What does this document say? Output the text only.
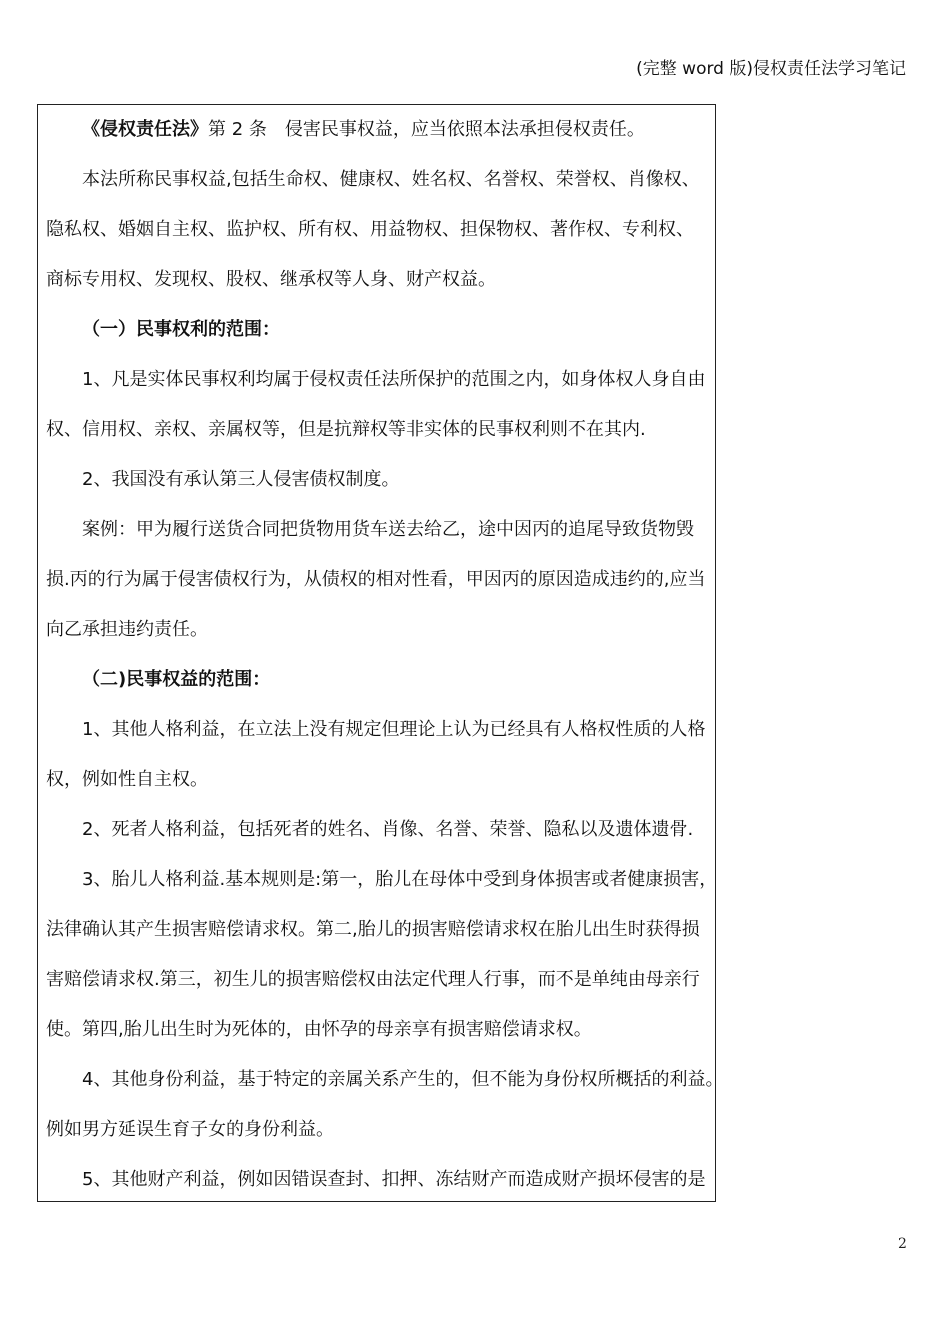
(完整 word 版)侵权责任法学习笔记

《侵权责任法》第 2 条　侵害民事权益，应当依照本法承担侵权责任。

本法所称民事权益,包括生命权、健康权、姓名权、名誉权、荣誉权、肖像权、

隐私权、婚姻自主权、监护权、所有权、用益物权、担保物权、著作权、专利权、

商标专用权、发现权、股权、继承权等人身、财产权益。

（一）民事权利的范围：

1、凡是实体民事权利均属于侵权责任法所保护的范围之内，如身体权人身自由

权、信用权、亲权、亲属权等，但是抗辩权等非实体的民事权利则不在其内.

2、我国没有承认第三人侵害债权制度。

案例：甲为履行送货合同把货物用货车送去给乙，途中因丙的追尾导致货物毁

损.丙的行为属于侵害债权行为，从债权的相对性看，甲因丙的原因造成违约的,应当

向乙承担违约责任。

（二)民事权益的范围：

1、其他人格利益，在立法上没有规定但理论上认为已经具有人格权性质的人格

权，例如性自主权。

2、死者人格利益，包括死者的姓名、肖像、名誉、荣誉、隐私以及遗体遗骨.

3、胎儿人格利益.基本规则是:第一，胎儿在母体中受到身体损害或者健康损害，

法律确认其产生损害赔偿请求权。第二,胎儿的损害赔偿请求权在胎儿出生时获得损

害赔偿请求权.第三，初生儿的损害赔偿权由法定代理人行事，而不是单纯由母亲行

使。第四,胎儿出生时为死体的，由怀孕的母亲享有损害赔偿请求权。

4、其他身份利益，基于特定的亲属关系产生的，但不能为身份权所概括的利益。

例如男方延误生育子女的身份利益。

5、其他财产利益，例如因错误查封、扣押、冻结财产而造成财产损坏侵害的是

2
